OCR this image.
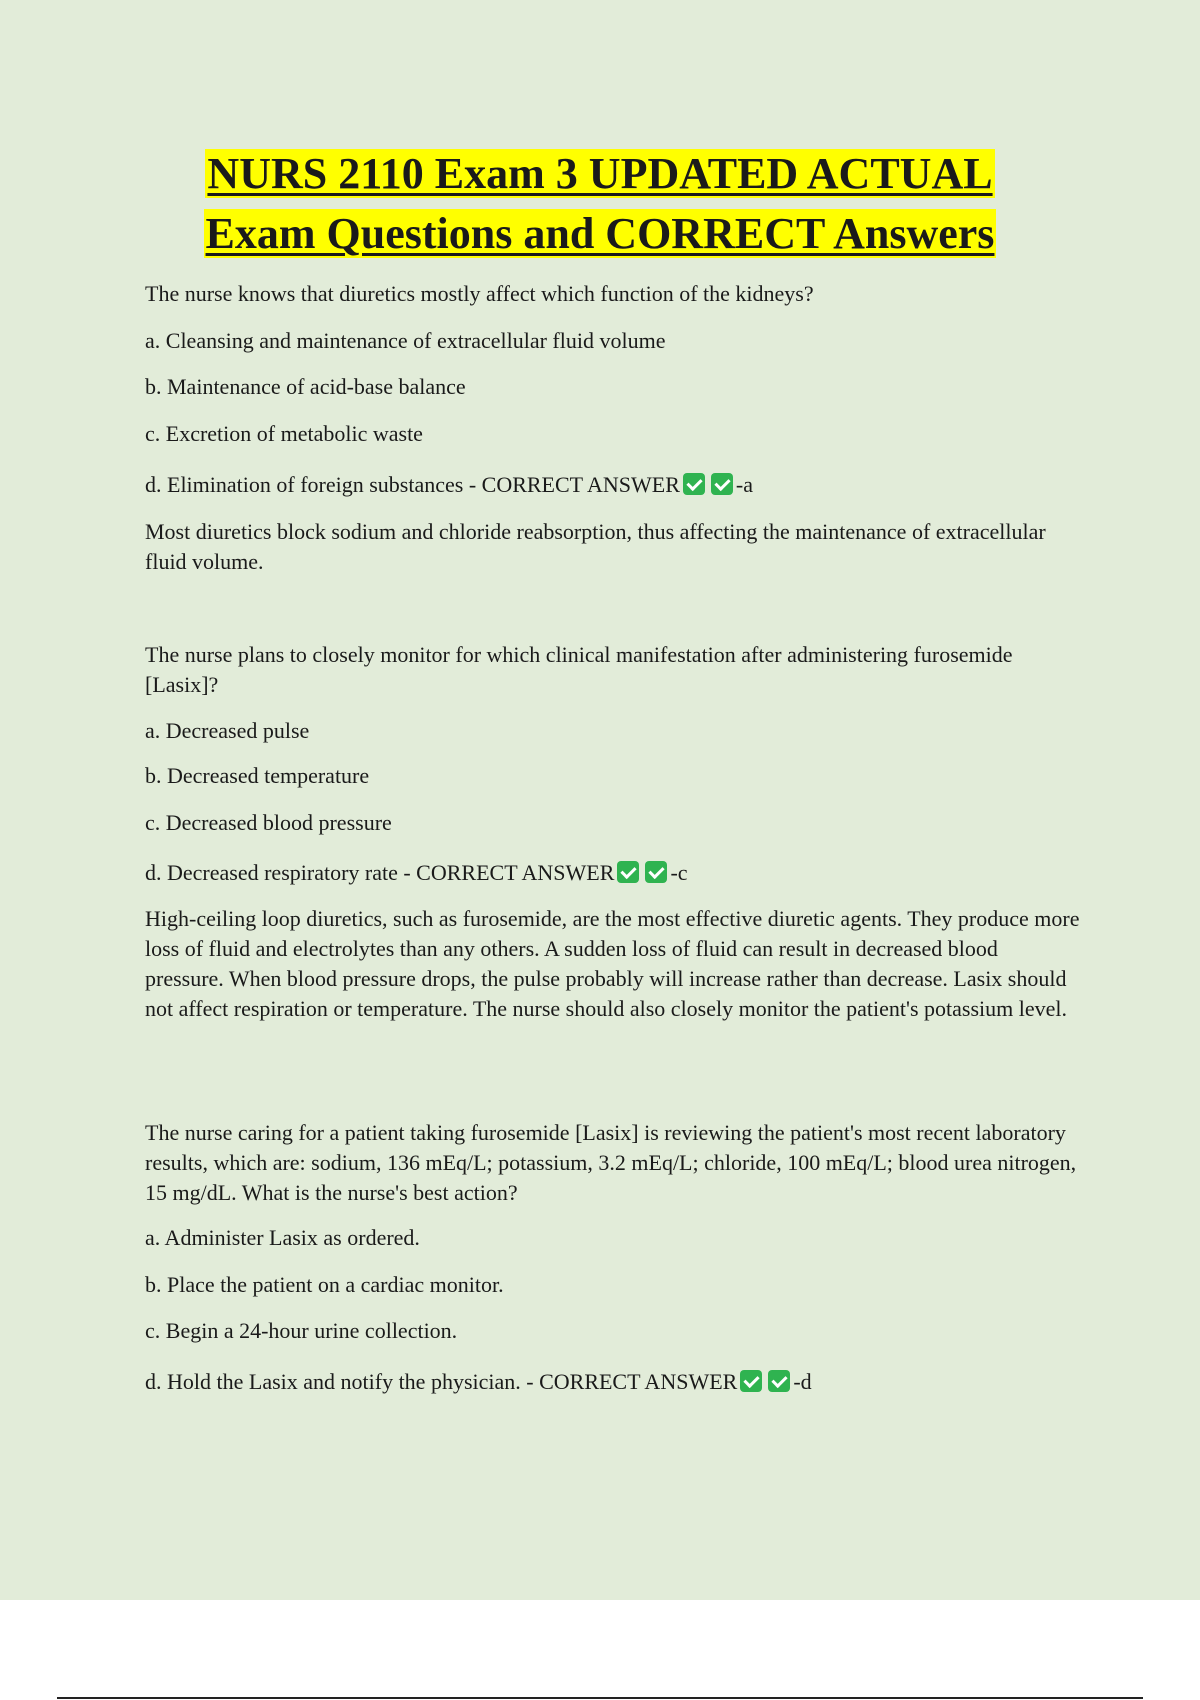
NURS 2110 Exam 3 UPDATED ACTUAL

Exam Questions and CORRECT Answers

The nurse knows that diuretics mostly affect which function of the kidneys?

a. Cleansing and maintenance of extracellular fluid volume

b. Maintenance of acid-base balance

c. Excretion of metabolic waste

d. Elimination of foreign substances - CORRECT ANSWER	-a

Most diuretics block sodium and chloride reabsorption, thus affecting the maintenance of extracellular fluid volume.

The nurse plans to closely monitor for which clinical manifestation after administering furosemide [Lasix]?

a. Decreased pulse

b. Decreased temperature

c. Decreased blood pressure

d. Decreased respiratory rate - CORRECT ANSWER	-c

High-ceiling loop diuretics, such as furosemide, are the most effective diuretic agents. They produce more loss of fluid and electrolytes than any others. A sudden loss of fluid can result in decreased blood pressure. When blood pressure drops, the pulse probably will increase rather than decrease. Lasix should not affect respiration or temperature. The nurse should also closely monitor the patient's potassium level.

The nurse caring for a patient taking furosemide [Lasix] is reviewing the patient's most recent laboratory results, which are: sodium, 136 mEq/L; potassium, 3.2 mEq/L; chloride, 100 mEq/L; blood urea nitrogen, 15 mg/dL. What is the nurse's best action?

a. Administer Lasix as ordered.

b. Place the patient on a cardiac monitor.

c. Begin a 24-hour urine collection.

d. Hold the Lasix and notify the physician. - CORRECT ANSWER	-d
